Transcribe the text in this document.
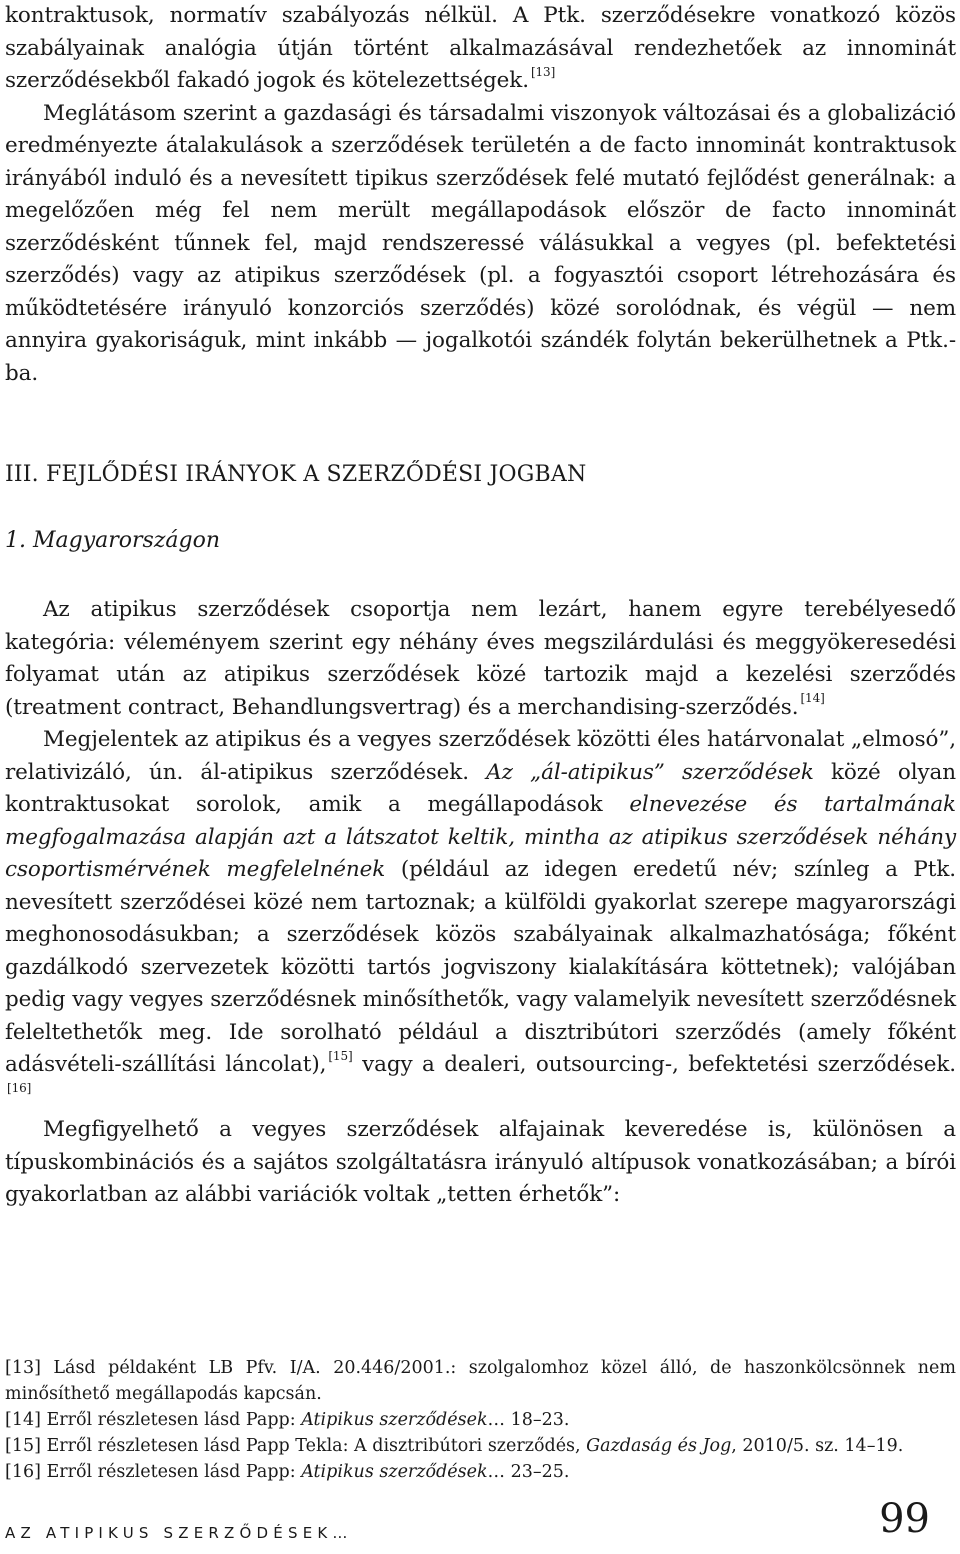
kontraktusok, normatív szabályozás nélkül. A Ptk. szerződésekre vonatkozó közös szabályainak analógia útján történt alkalmazásával rendezhetőek az innominát szerződésekből fakadó jogok és kötelezettségek. [13]

Meglátásom szerint a gazdasági és társadalmi viszonyok változásai és a globalizáció eredményezte átalakulások a szerződések területén a de facto innominát kontraktusok irányából induló és a nevesített tipikus szerződések felé mutató fejlődést generálnak: a megelőzően még fel nem merült megállapodások először de facto innominát szerződésként tűnnek fel, majd rendszeressé válásukkal a vegyes (pl. befektetési szerződés) vagy az atipikus szerződések (pl. a fogyasztói csoport létrehozására és működtetésére irányuló konzorciós szerződés) közé sorolódnak, és végül — nem annyira gyakoriságuk, mint inkább — jogalkotói szándék folytán bekerülhetnek a Ptk.-ba.

III. FEJLŐDÉSI IRÁNYOK A SZERZŐDÉSI JOGBAN
1. Magyarországon

Az atipikus szerződések csoportja nem lezárt, hanem egyre terebélyesedő kategória: véleményem szerint egy néhány éves megszilárdulási és meggyökeresedési folyamat után az atipikus szerződések közé tartozik majd a kezelési szerződés (treatment contract, Behandlungsvertrag) és a merchandising-szerződés. [14]

Megjelentek az atipikus és a vegyes szerződések közötti éles határvonalat „elmosó”, relativizáló, ún. ál-atipikus szerződések. Az „ál-atipikus” szerződések közé olyan kontraktusokat sorolok, amik a megállapodások elnevezése és tartalmának megfogalmazása alapján azt a látszatot keltik, mintha az atipikus szerződések néhány csoportismérvének megfelelnének (például az idegen eredetű név; színleg a Ptk. nevesített szerződései közé nem tartoznak; a külföldi gyakorlat szerepe magyarországi meghonosodásukban; a szerződések közös szabályainak alkalmazhatósága; főként gazdálkodó szervezetek közötti tartós jogviszony kialakítására köttetnek); valójában pedig vagy vegyes szerződésnek minősíthetők, vagy valamelyik nevesített szerződésnek feleltethetők meg. Ide sorolható például a disztribútori szerződés (amely főként adásvételi-szállítási láncolat), [15] vagy a dealeri, outsourcing-, befektetési szerződések.[16]

Megfigyelhető a vegyes szerződések alfajainak keveredése is, különösen a típuskombinációs és a sajátos szolgáltatásra irányuló altípusok vonatkozásában; a bírói gyakorlatban az alábbi variációk voltak „tetten érhetők”:

[13] Lásd példaként LB Pfv. I/A. 20.446/2001.: szolgalomhoz közel álló, de haszonkölcsönnek nem minősíthető megállapodás kapcsán.

[14] Erről részletesen lásd Papp: Atipikus szerződések… 18–23.

[15] Erről részletesen lásd Papp Tekla: A disztribútori szerződés, Gazdaság és Jog, 2010/5. sz. 14–19.

[16] Erről részletesen lásd Papp: Atipikus szerződések… 23–25.

AZ ATIPIKUS SZERZŐDÉSEK…	99
